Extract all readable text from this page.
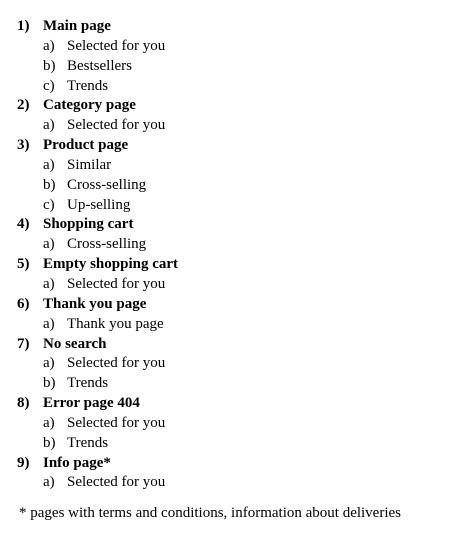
1) Main page
a) Selected for you
b) Bestsellers
c) Trends
2) Category page
a) Selected for you
3) Product page
a) Similar
b) Cross-selling
c) Up-selling
4) Shopping cart
a) Cross-selling
5) Empty shopping cart
a) Selected for you
6) Thank you page
a) Thank you page
7) No search
a) Selected for you
b) Trends
8) Error page 404
a) Selected for you
b) Trends
9) Info page*
a) Selected for you
* pages with terms and conditions, information about deliveries
